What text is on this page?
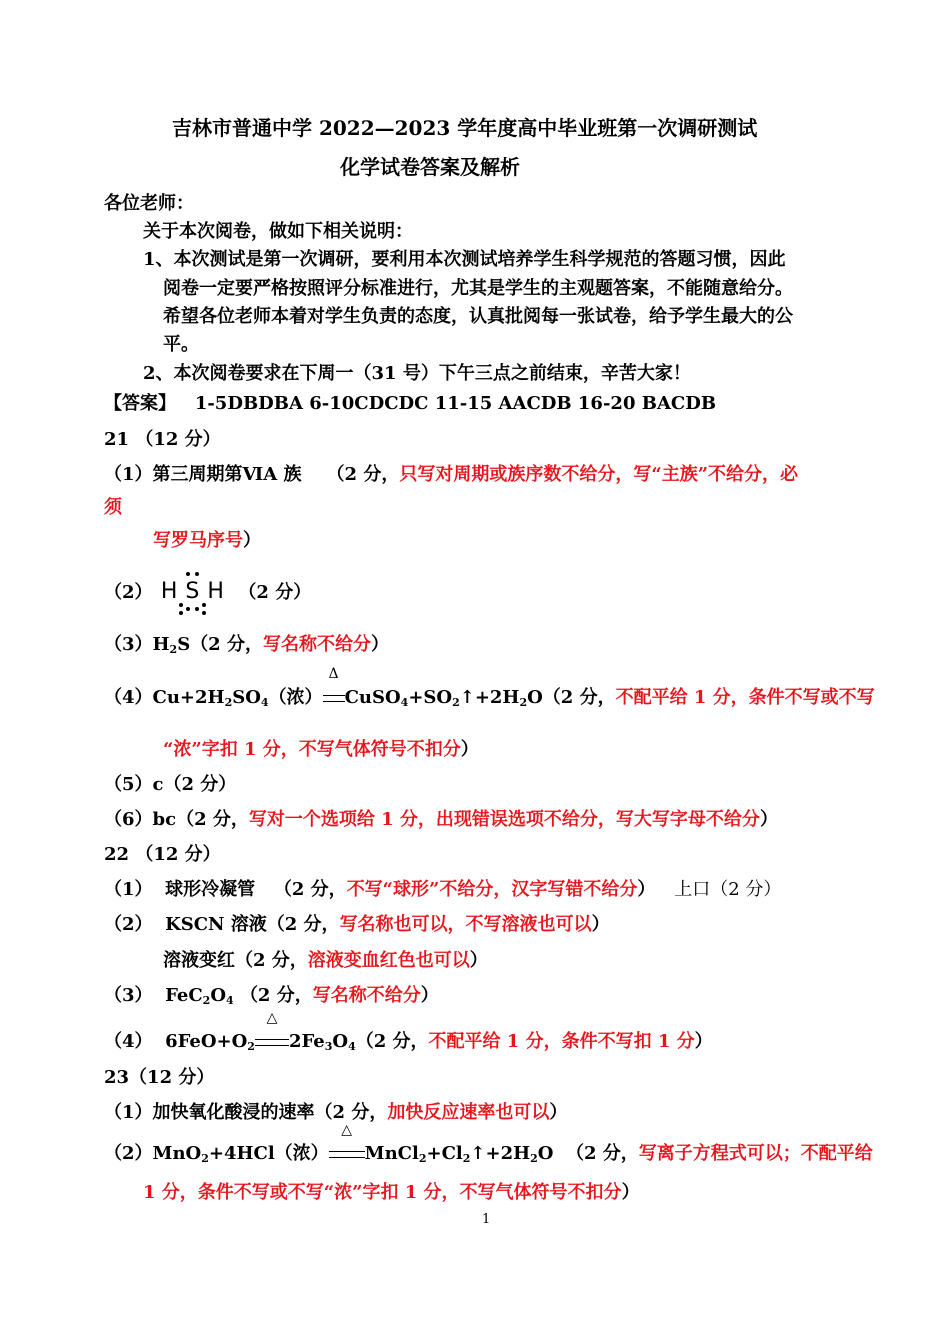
吉林市普通中学 2022—2023 学年度高中毕业班第一次调研测试
化学试卷答案及解析
各位老师：
关于本次阅卷，做如下相关说明：
1、本次测试是第一次调研，要利用本次测试培养学生科学规范的答题习惯，因此
阅卷一定要严格按照评分标准进行，尤其是学生的主观题答案，不能随意给分。
希望各位老师本着对学生负责的态度，认真批阅每一张试卷，给予学生最大的公
平。
2、本次阅卷要求在下周一（31 号）下午三点之前结束，辛苦大家！
【答案】 1-5DBDBA 6-10CDCDC 11-15 AACDB 16-20 BACDB
21 （12 分）
（1）第三周期第ⅥA 族 （2 分，只写对周期或族序数不给分，写“主族”不给分，必
须
写罗马序号）
（2） H S H （2 分）
$(3)H_2S(2$ 分，写名称不给分）
$(4)Cu+2H_2SO_4$（浓）
Δ
$CuSO_4+SO_2↑+2H_2O(2$ 分，不配平给 1 分，条件不写或不写
“浓”字扣 1 分，不写气体符号不扣分）
（5）c（2 分）
（6）bc（2 分，写对一个选项给 1 分，出现错误选项不给分，写大写字母不给分）
22 （12 分）
（1） 球形冷凝管 （2 分，不写“球形”不给分，汉字写错不给分） 上口（2 分）
（2） KSCN 溶液（2 分，写名称也可以，不写溶液也可以）
溶液变红（2 分，溶液变血红色也可以）
（3） $FeC_2O_4$ （2 分，写名称不给分）
（4） $6FeO+O_2$
△
$2Fe_3O_4(2$ 分，不配平给 1 分，条件不写扣 1 分）
23（12 分）
（1）加快氧化酸浸的速率（2 分，加快反应速率也可以）
（2）MnO$_2$+4HCl（浓）
△
$MnCl_2+Cl_2↑+2H_2O$ （2 分，写离子方程式可以；不配平给
1 分，条件不写或不写“浓”字扣 1 分，不写气体符号不扣分）
1
